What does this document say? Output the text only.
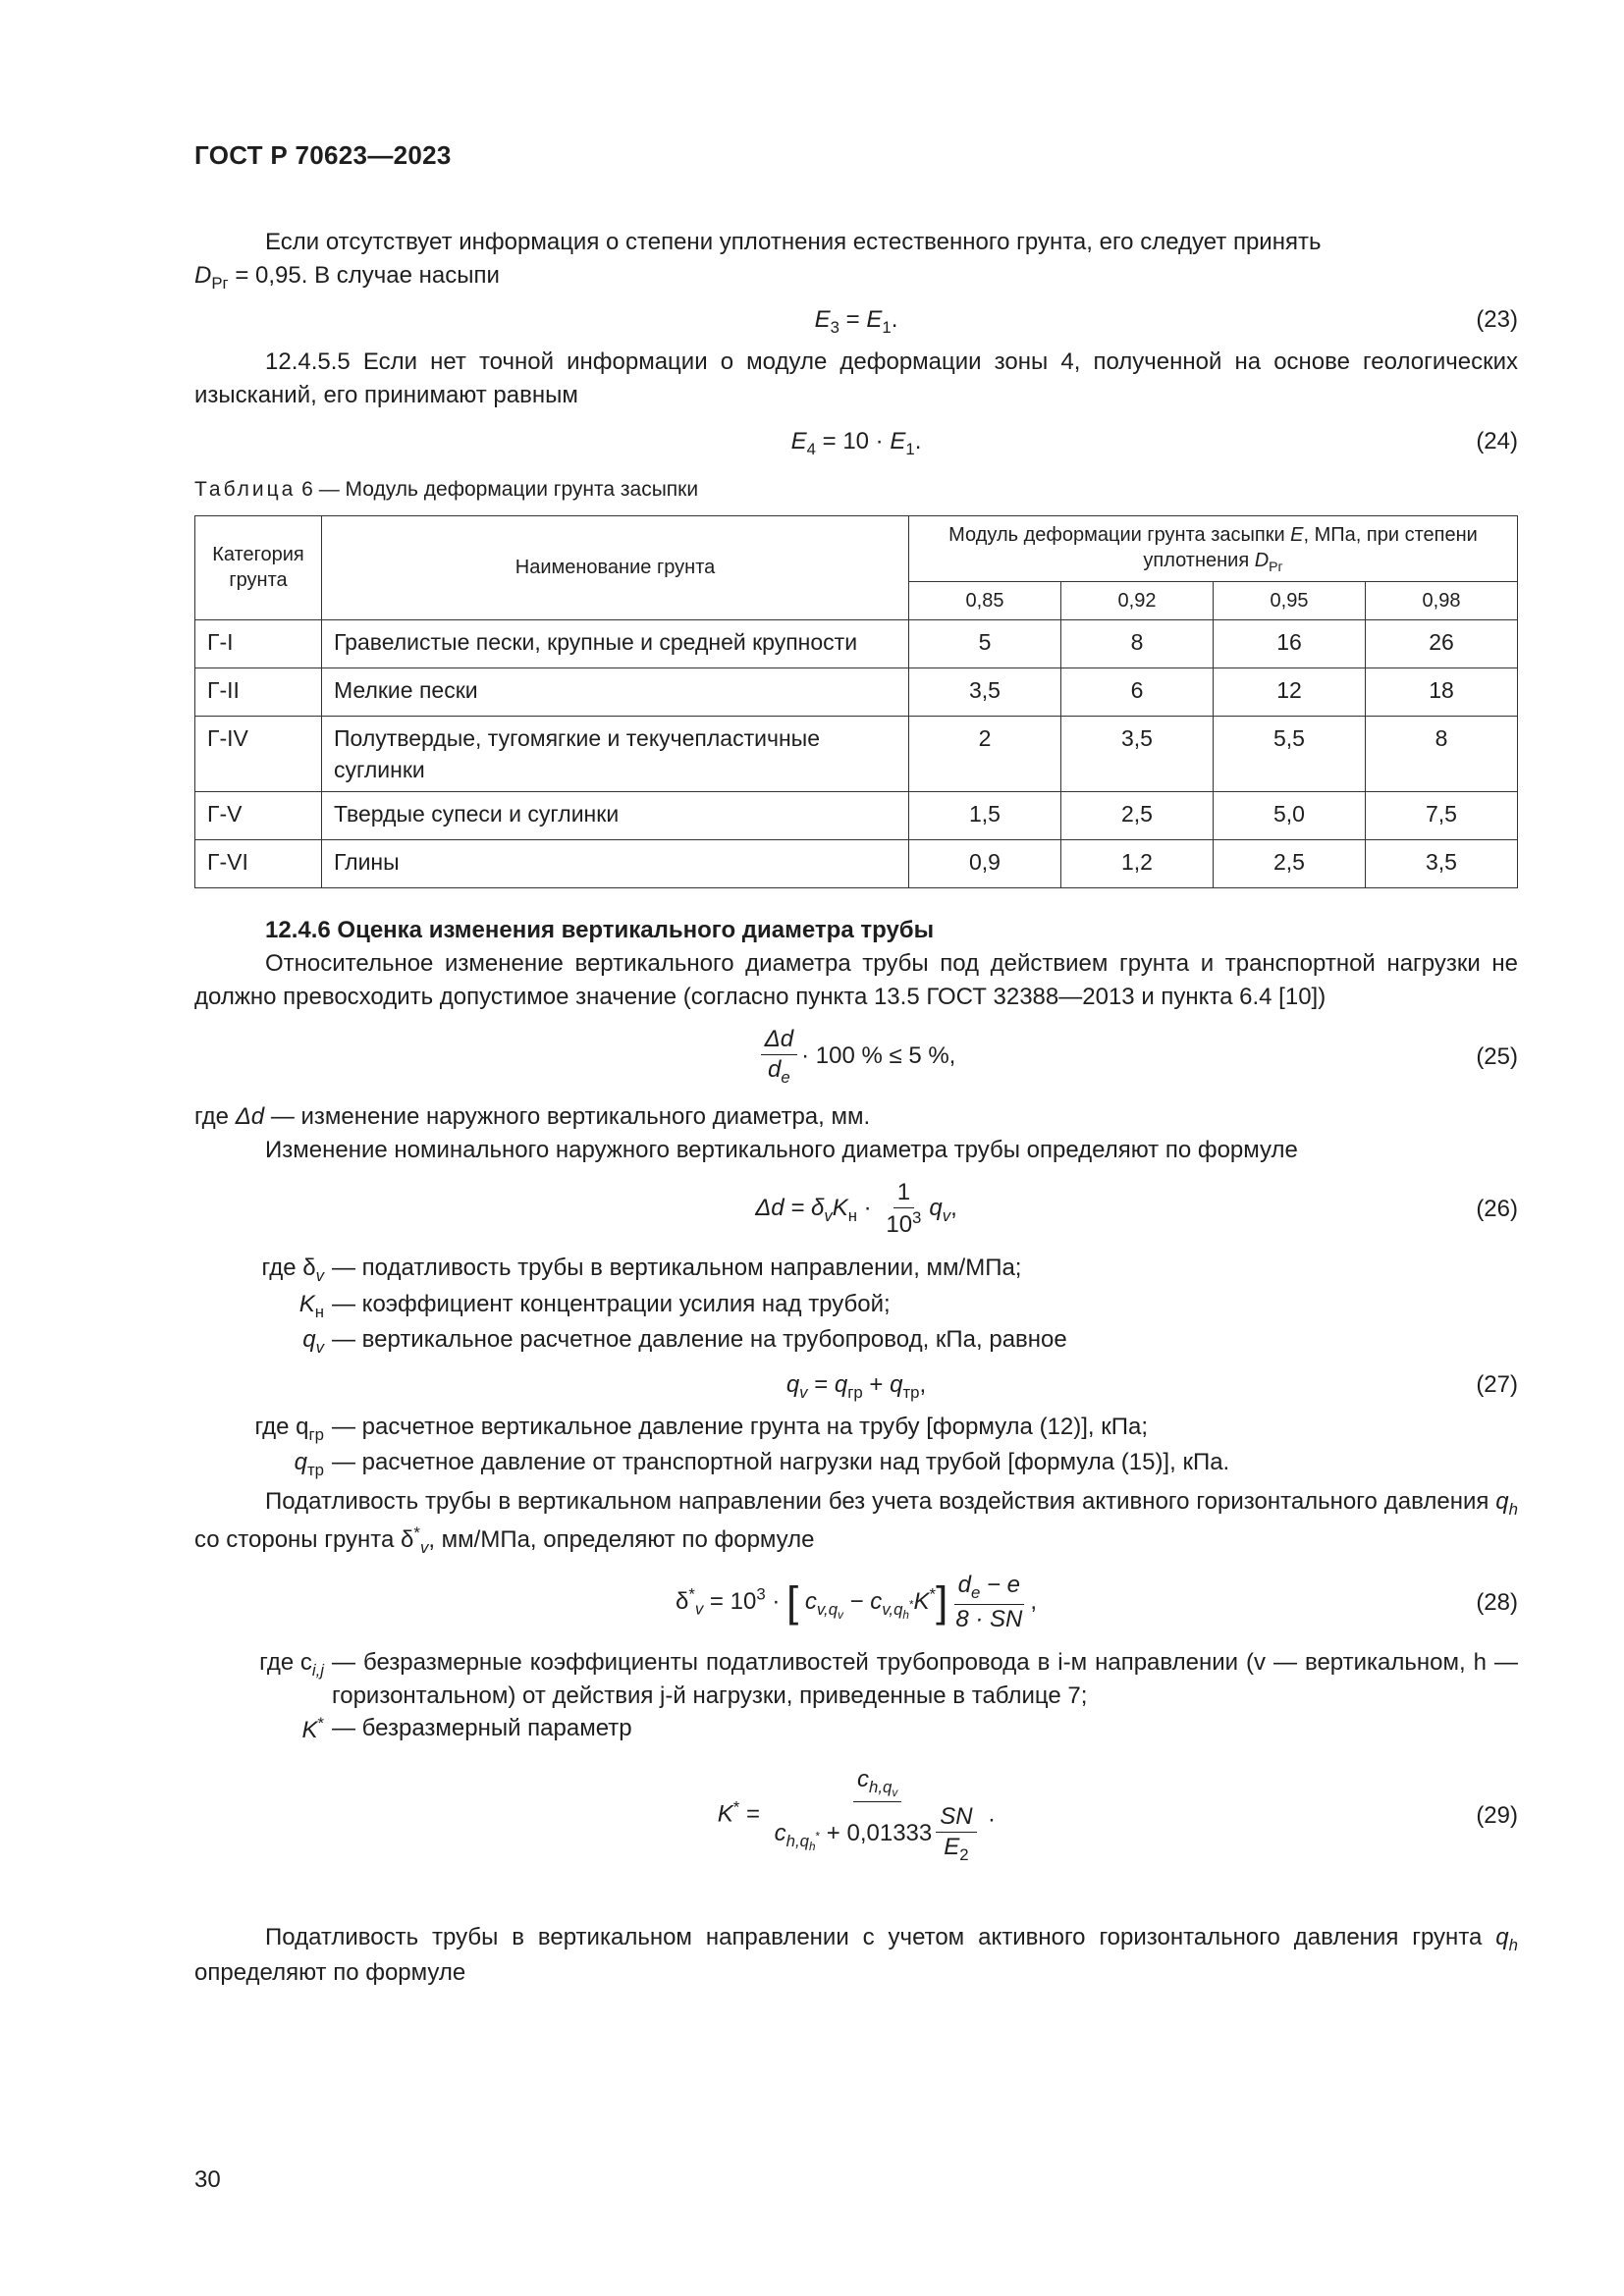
ГОСТ Р 70623—2023

Если отсутствует информация о степени уплотнения естественного грунта, его следует принять
$D_{Рг} = 0,95$. В случае насыпи

$E_3 = E_1$.	(23)

12.4.5.5 Если нет точной информации о модуле деформации зоны 4, полученной на основе геологических изысканий, его принимают равным

$E_4 = 10 \cdot E_1$.	(24)
Таблица 6 — Модуль деформации грунта засыпки
Категория грунта	Наименование грунта	Модуль деформации грунта засыпки E, МПа, при степени уплотнения $D_{Рг}$
		0,85	0,92	0,95	0,98
Г-I	Гравелистые пески, крупные и средней крупности	5	8	16	26
Г-II	Мелкие пески	3,5	6	12	18
Г-IV	Полутвердые, тугомягкие и текучепластичные суглинки	2	3,5	5,5	8
Г-V	Твердые супеси и суглинки	1,5	2,5	5,0	7,5
Г-VI	Глины	0,9	1,2	2,5	3,5

12.4.6 Оценка изменения вертикального диаметра трубы

Относительное изменение вертикального диаметра трубы под действием грунта и транспортной нагрузки не должно превосходить допустимое значение (согласно пункта 13.5 ГОСТ 32388—2013 и пункта 6.4 [10])

$\frac{\Delta d}{d_e} \cdot 100$ % ≤ 5 %,	(25)

где Δd — изменение наружного вертикального диаметра, мм.

Изменение номинального наружного вертикального диаметра трубы определяют по формуле

$\Delta d = \delta_vK_н \cdot \frac{1}{10^3} q_v$,	(26)
где $\delta_v$ — податливость трубы в вертикальном направлении, мм/МПа;
$K_н$ — коэффициент концентрации усилия над трубой;
$q_v$ — вертикальное расчетное давление на трубопровод, кПа, равное
$q_v = q_{гр} + q_{тр}$,	(27)
где $q_{гр}$ — расчетное вертикальное давление грунта на трубу [формула (12)], кПа;
$q_{тр}$ — расчетное давление от транспортной нагрузки над трубой [формула (15)], кПа.

Податливость трубы в вертикальном направлении без учета воздействия активного горизонтального давления $q_h$ со стороны грунта $\delta^*_v$, мм/МПа, определяют по формуле

$\delta^*_v = 10^3$ · [ $c_{v,q_v} - c_{v,q_h^*}K^*] \frac{d_e - e}{8 \cdot SN}$ ,	(28)
где $c_{i,j}$ — безразмерные коэффициенты податливостей трубопровода в i-м направлении (v — вертикальном, h — горизонтальном) от действия j-й нагрузки, приведенные в таблице 7;
K* — безразмерный параметр
$K^* = \frac{c_{h,q_v}}{c_{h,q_h^*} + 0,01333 \frac{SN}{E_2}}$ .	(29)

Податливость трубы в вертикальном направлении с учетом активного горизонтального давления грунта $q_h$ определяют по формуле

30
